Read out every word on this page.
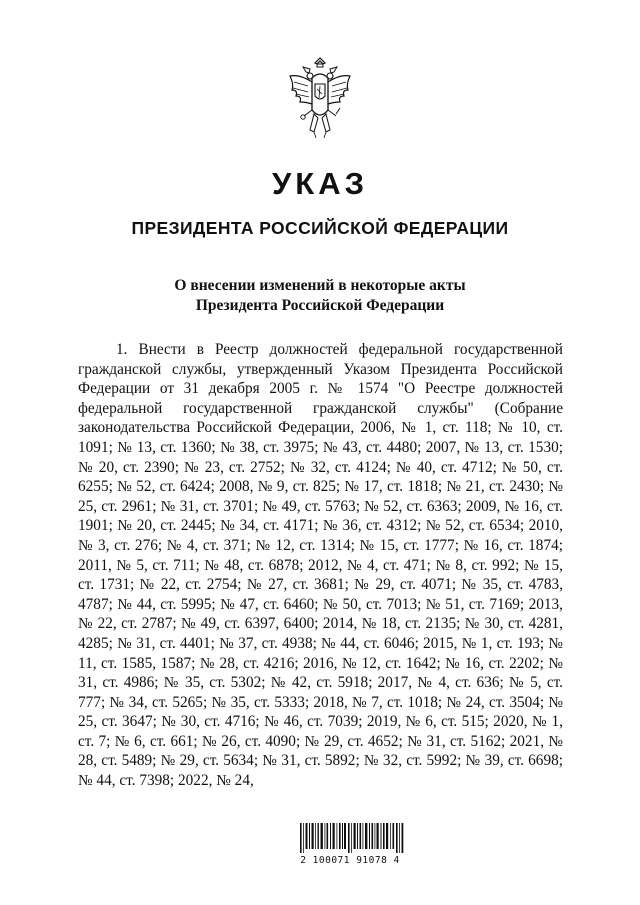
УКАЗ
ПРЕЗИДЕНТА РОССИЙСКОЙ ФЕДЕРАЦИИ
О внесении изменений в некоторые акты
Президента Российской Федерации

1. Внести в Реестр должностей федеральной государственной гражданской службы, утвержденный Указом Президента Российской Федерации от 31 декабря 2005 г. № 1574 "О Реестре должностей федеральной государственной гражданской службы" (Собрание законодательства Российской Федерации, 2006, № 1, ст. 118; № 10, ст. 1091; № 13, ст. 1360; № 38, ст. 3975; № 43, ст. 4480; 2007, № 13, ст. 1530; № 20, ст. 2390; № 23, ст. 2752; № 32, ст. 4124; № 40, ст. 4712; № 50, ст. 6255; № 52, ст. 6424; 2008, № 9, ст. 825; № 17, ст. 1818; № 21, ст. 2430; № 25, ст. 2961; № 31, ст. 3701; № 49, ст. 5763; № 52, ст. 6363; 2009, № 16, ст. 1901; № 20, ст. 2445; № 34, ст. 4171; № 36, ст. 4312; № 52, ст. 6534; 2010, № 3, ст. 276; № 4, ст. 371; № 12, ст. 1314; № 15, ст. 1777; № 16, ст. 1874; 2011, № 5, ст. 711; № 48, ст. 6878; 2012, № 4, ст. 471; № 8, ст. 992; № 15, ст. 1731; № 22, ст. 2754; № 27, ст. 3681; № 29, ст. 4071; № 35, ст. 4783, 4787; № 44, ст. 5995; № 47, ст. 6460; № 50, ст. 7013; № 51, ст. 7169; 2013, № 22, ст. 2787; № 49, ст. 6397, 6400; 2014, № 18, ст. 2135; № 30, ст. 4281, 4285; № 31, ст. 4401; № 37, ст. 4938; № 44, ст. 6046; 2015, № 1, ст. 193; № 11, ст. 1585, 1587; № 28, ст. 4216; 2016, № 12, ст. 1642; № 16, ст. 2202; № 31, ст. 4986; № 35, ст. 5302; № 42, ст. 5918; 2017, № 4, ст. 636; № 5, ст. 777; № 34, ст. 5265; № 35, ст. 5333; 2018, № 7, ст. 1018; № 24, ст. 3504; № 25, ст. 3647; № 30, ст. 4716; № 46, ст. 7039; 2019, № 6, ст. 515; 2020, № 1, ст. 7; № 6, ст. 661; № 26, ст. 4090; № 29, ст. 4652; № 31, ст. 5162; 2021, № 28, ст. 5489; № 29, ст. 5634; № 31, ст. 5892; № 32, ст. 5992; № 39, ст. 6698; № 44, ст. 7398; 2022, № 24,

2 100071 91078 4
